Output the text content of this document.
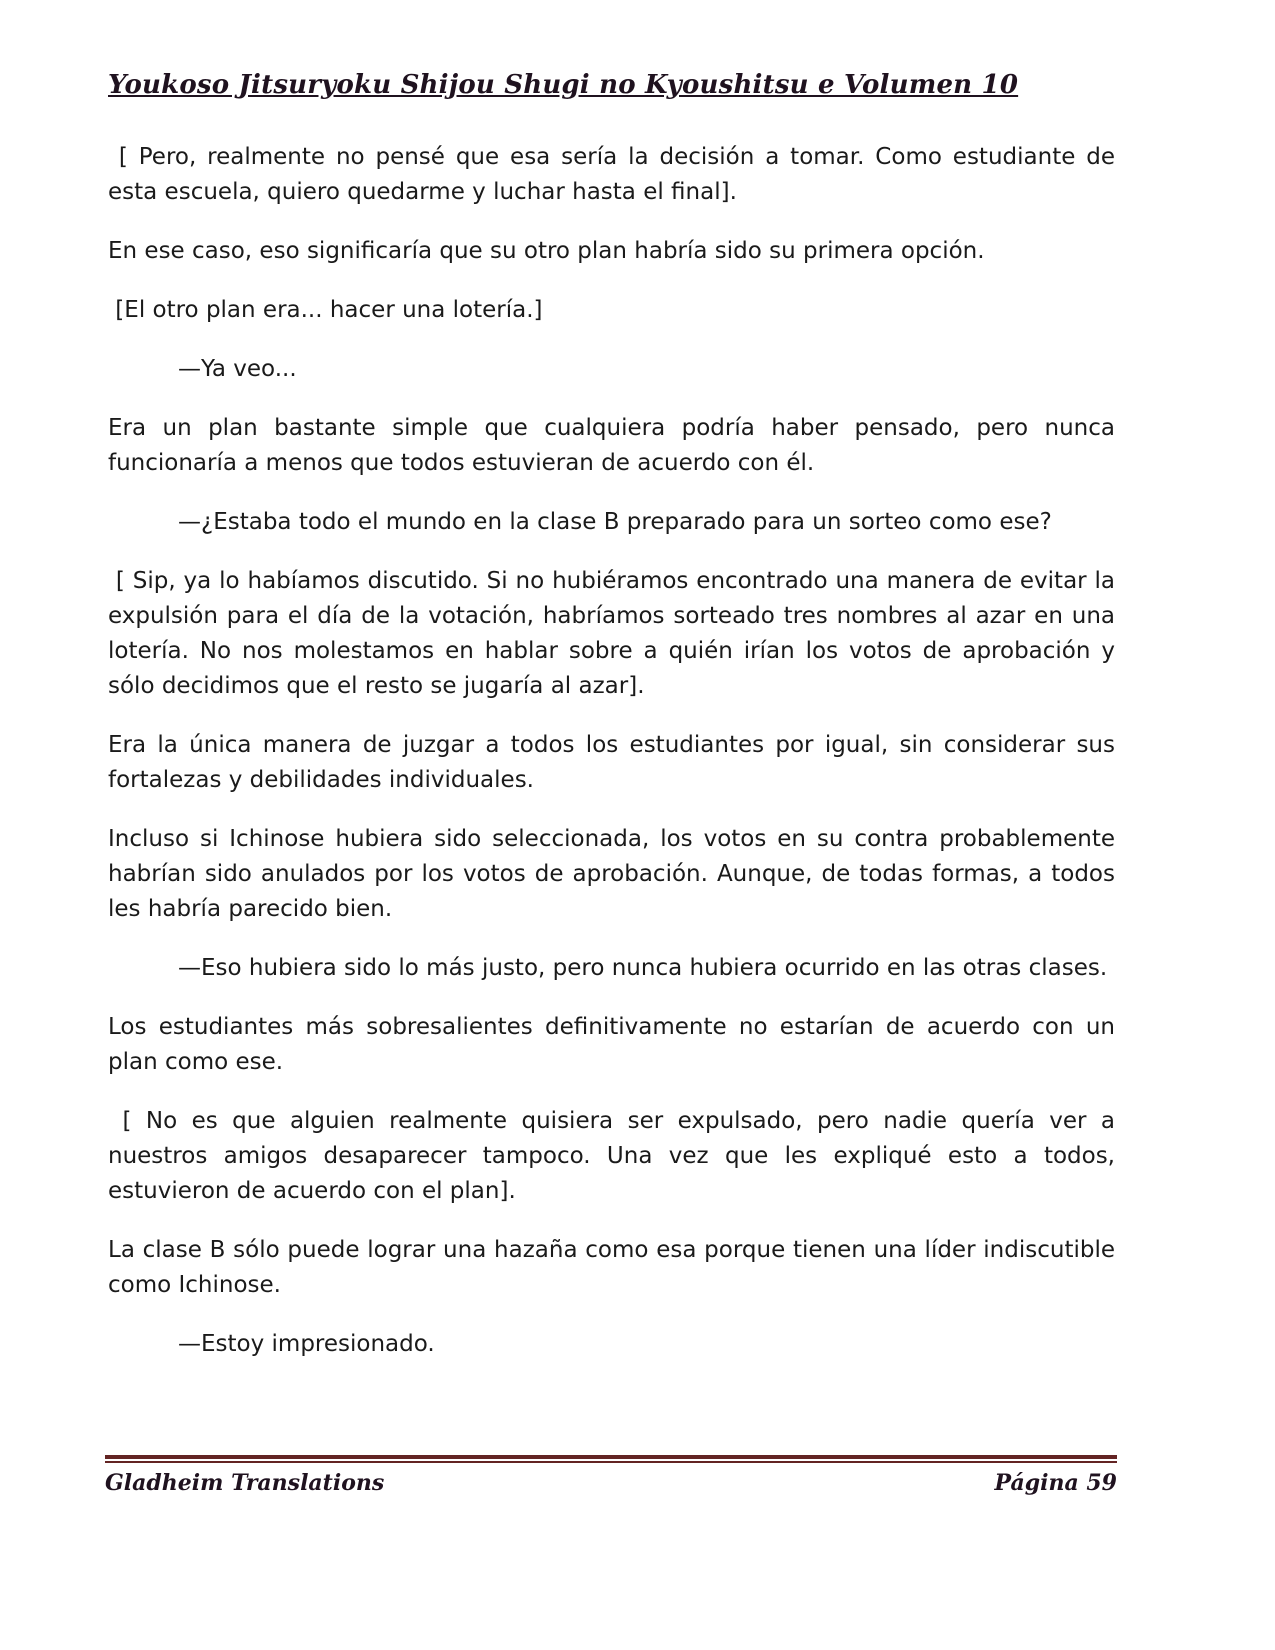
Youkoso Jitsuryoku Shijou Shugi no Kyoushitsu e Volumen 10

[ Pero, realmente no pensé que esa sería la decisión a tomar. Como estudiante de esta escuela, quiero quedarme y luchar hasta el final].

En ese caso, eso significaría que su otro plan habría sido su primera opción.

[El otro plan era... hacer una lotería.]

—Ya veo...

Era un plan bastante simple que cualquiera podría haber pensado, pero nunca funcionaría a menos que todos estuvieran de acuerdo con él.

—¿Estaba todo el mundo en la clase B preparado para un sorteo como ese?

[ Sip, ya lo habíamos discutido. Si no hubiéramos encontrado una manera de evitar la expulsión para el día de la votación, habríamos sorteado tres nombres al azar en una lotería. No nos molestamos en hablar sobre a quién irían los votos de aprobación y sólo decidimos que el resto se jugaría al azar].

Era la única manera de juzgar a todos los estudiantes por igual, sin considerar sus fortalezas y debilidades individuales.

Incluso si Ichinose hubiera sido seleccionada, los votos en su contra probablemente habrían sido anulados por los votos de aprobación. Aunque, de todas formas, a todos les habría parecido bien.

—Eso hubiera sido lo más justo, pero nunca hubiera ocurrido en las otras clases.

Los estudiantes más sobresalientes definitivamente no estarían de acuerdo con un plan como ese.

[ No es que alguien realmente quisiera ser expulsado, pero nadie quería ver a nuestros amigos desaparecer tampoco. Una vez que les expliqué esto a todos, estuvieron de acuerdo con el plan].

La clase B sólo puede lograr una hazaña como esa porque tienen una líder indiscutible como Ichinose.

—Estoy impresionado.

Gladheim Translations	Página 59
